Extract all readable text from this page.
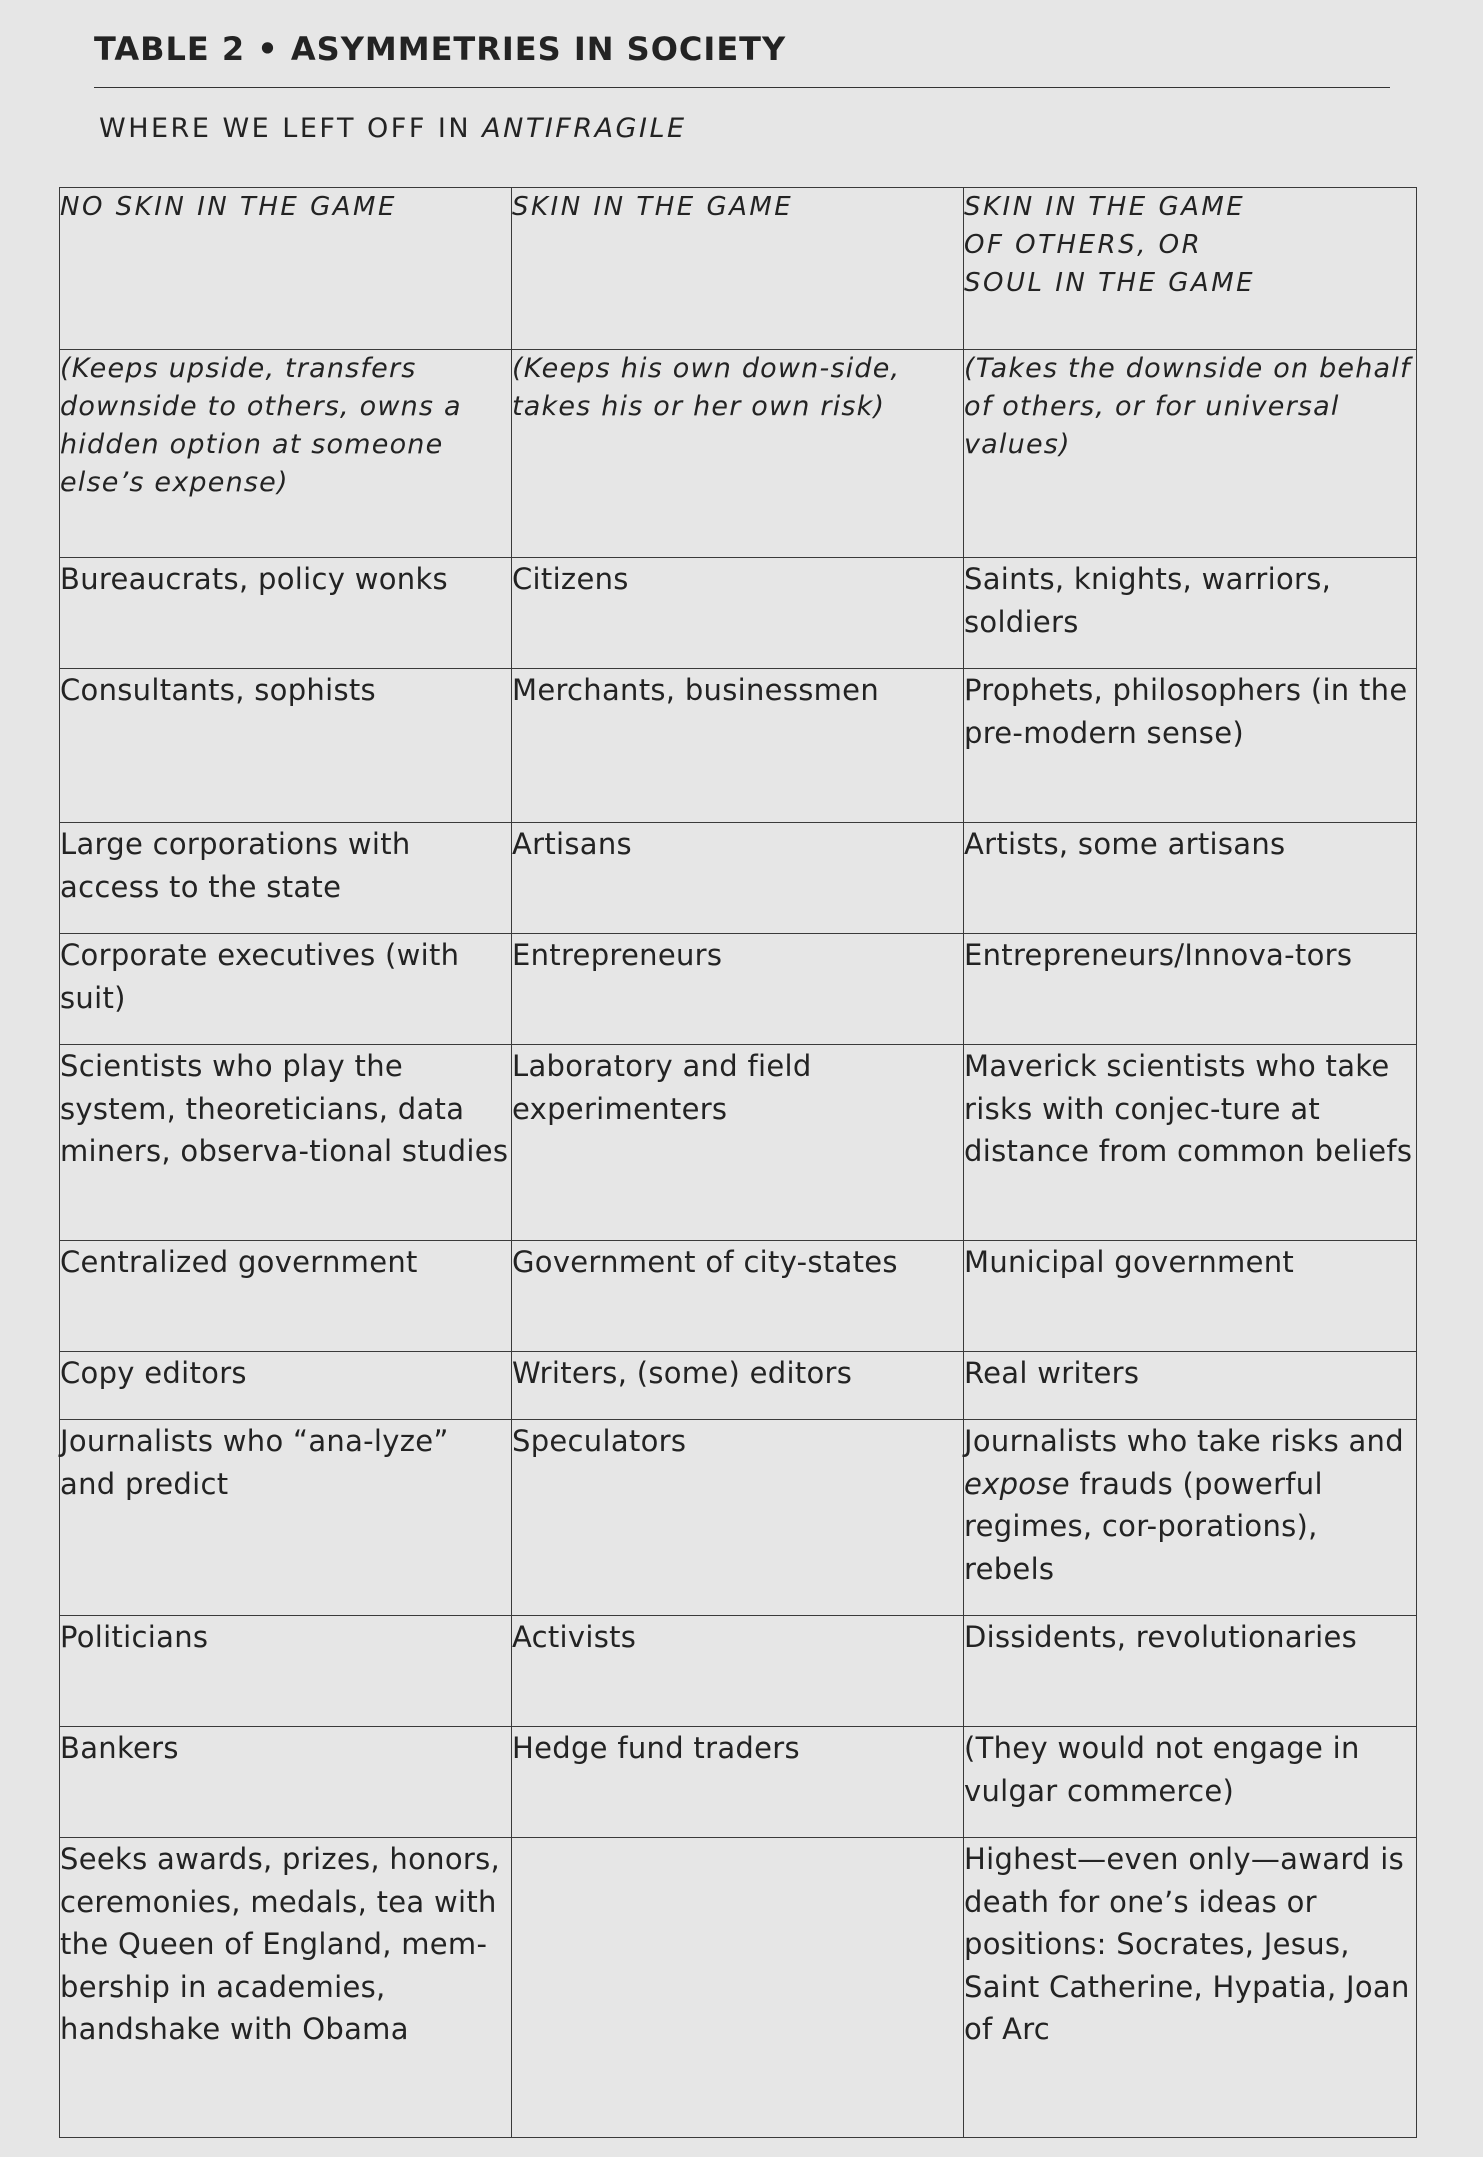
TABLE 2 • ASYMMETRIES IN SOCIETY
WHERE WE LEFT OFF IN ANTIFRAGILE
NO SKIN IN THE GAME	SKIN IN THE GAME	SKIN IN THE GAME
OF OTHERS, OR
SOUL IN THE GAME
(Keeps upside, transfers downside to others, owns a hidden option at someone else’s expense)	(Keeps his own down-side, takes his or her own risk)	(Takes the downside on behalf of others, or for universal values)
Bureaucrats, policy wonks	Citizens	Saints, knights, warriors, soldiers
Consultants, sophists	Merchants, businessmen	Prophets, philosophers (in the pre-modern sense)
Large corporations with access to the state	Artisans	Artists, some artisans
Corporate executives (with suit)	Entrepreneurs	Entrepreneurs/Innova-tors
Scientists who play the system, theoreticians, data miners, observa-tional studies	Laboratory and field experimenters	Maverick scientists who take risks with conjec-ture at distance from common beliefs
Centralized government	Government of city-states	Municipal government
Copy editors	Writers, (some) editors	Real writers
Journalists who “ana-lyze” and predict	Speculators	Journalists who take risks and expose frauds (powerful regimes, cor-porations), rebels
Politicians	Activists	Dissidents, revolutionaries
Bankers	Hedge fund traders	(They would not engage in vulgar commerce)
Seeks awards, prizes, honors, ceremonies, medals, tea with the Queen of England, mem-bership in academies, handshake with Obama		Highest—even only—award is death for one’s ideas or positions: Socrates, Jesus, Saint Catherine, Hypatia, Joan of Arc
